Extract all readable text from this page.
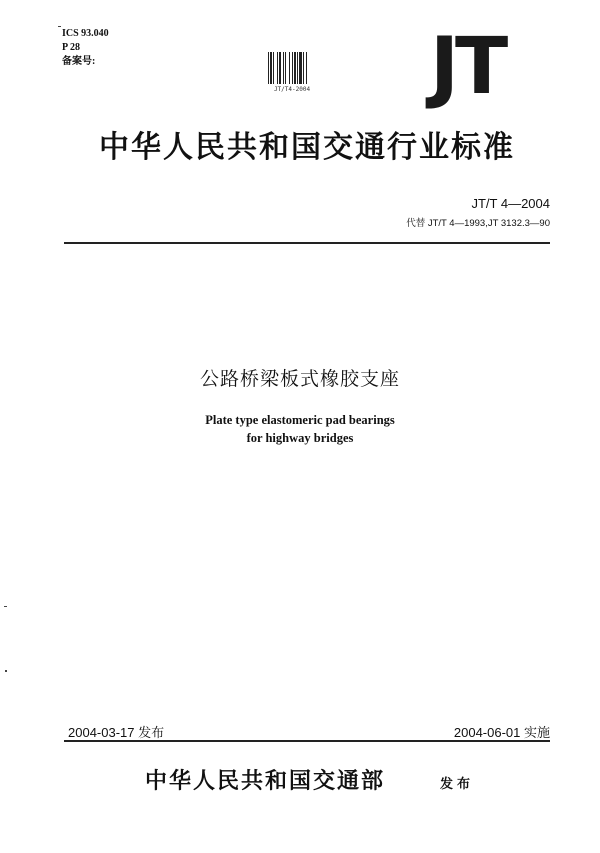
ICS 93.040
P 28
备案号:
JT/T4-2004 JT
中华人民共和国交通行业标准
JT/T 4—2004
代替 JT/T 4—1993,JT 3132.3—90
公路桥梁板式橡胶支座
Plate type elastomeric pad bearings
for highway bridges
2004-03-17 发布	2004-06-01 实施
中华人民共和国交通部	发布
